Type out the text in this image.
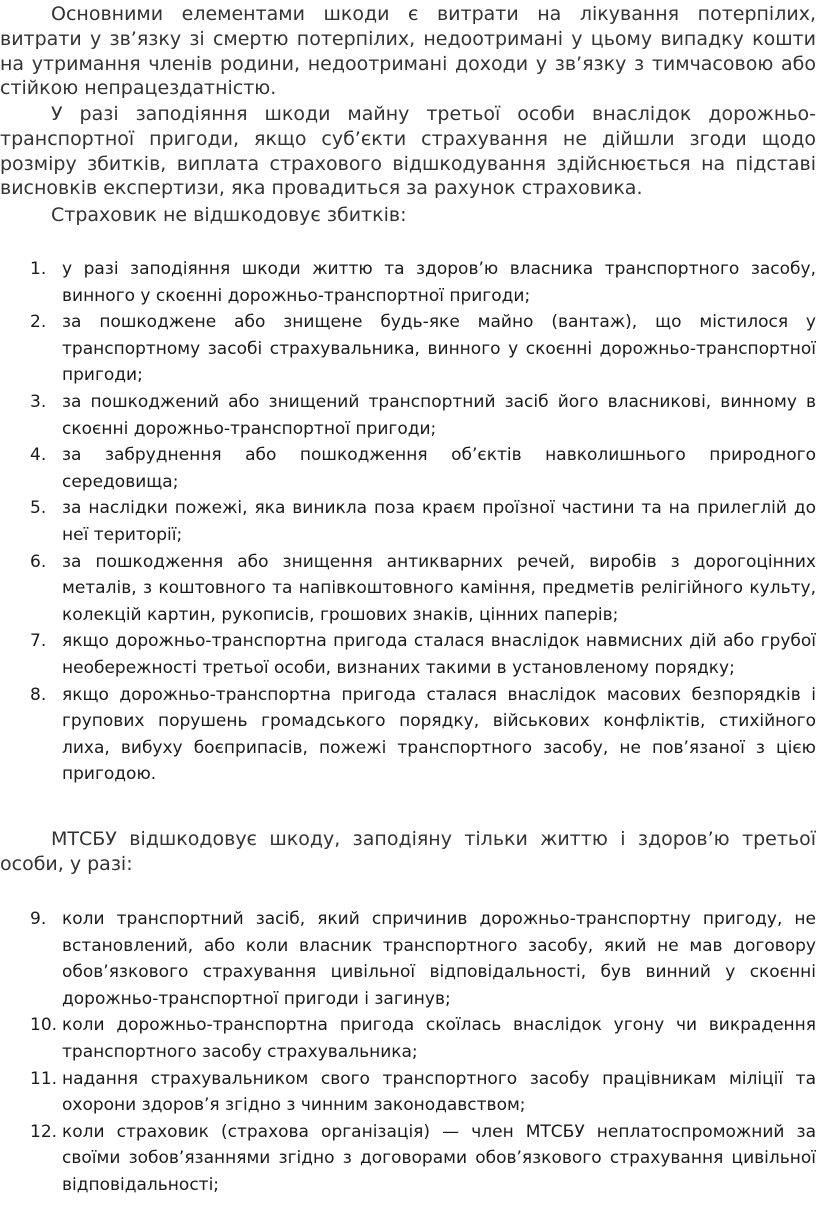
Основними елементами шкоди є витрати на лікування потерпілих, витрати у зв’язку зі смертю потерпілих, недоотримані у цьому випадку кошти на утримання членів родини, недоотримані доходи у зв’язку з тимчасовою або стійкою непрацездатністю.

У разі заподіяння шкоди майну третьої особи внаслідок дорожньо-транспортної пригоди, якщо суб’єкти страхування не дійшли згоди щодо розміру збитків, виплата страхового відшкодування здійснюється на підставі висновків експертизи, яка провадиться за рахунок страховика.

Страховик не відшкодовує збитків:

1. у разі заподіяння шкоди життю та здоров’ю власника транспортного засобу, винного у скоєнні дорожньо-транспортної пригоди;
2. за пошкоджене або знищене будь-яке майно (вантаж), що містилося у транспортному засобі страхувальника, винного у скоєнні дорожньо-транспортної пригоди;
3. за пошкоджений або знищений транспортний засіб його власникові, винному в скоєнні дорожньо-транспортної пригоди;
4. за забруднення або пошкодження об’єктів навколишнього природного середовища;
5. за наслідки пожежі, яка виникла поза краєм проїзної частини та на прилеглій до неї території;
6. за пошкодження або знищення антикварних речей, виробів з дорогоцінних металів, з коштовного та напівкоштовного каміння, предметів релігійного культу, колекцій картин, рукописів, грошових знаків, цінних паперів;
7. якщо дорожньо-транспортна пригода сталася внаслідок навмисних дій або грубої необережності третьої особи, визнаних такими в установленому порядку;
8. якщо дорожньо-транспортна пригода сталася внаслідок масових безпорядків і групових порушень громадського порядку, військових конфліктів, стихійного лиха, вибуху боєприпасів, пожежі транспортного засобу, не пов’язаної з цією пригодою.

МТСБУ відшкодовує шкоду, заподіяну тільки життю і здоров’ю третьої особи, у разі:

9. коли транспортний засіб, який спричинив дорожньо-транспортну пригоду, не встановлений, або коли власник транспортного засобу, який не мав договору обов’язкового страхування цивільної відповідальності, був винний у скоєнні дорожньо-транспортної пригоди і загинув;
10. коли дорожньо-транспортна пригода скоїлась внаслідок угону чи викрадення транспортного засобу страхувальника;
11. надання страхувальником свого транспортного засобу працівникам міліції та охорони здоров’я згідно з чинним законодавством;
12. коли страховик (страхова організація) — член МТСБУ неплатоспроможний за своїми зобов’язаннями згідно з договорами обов’язкового страхування цивільної відповідальності;
